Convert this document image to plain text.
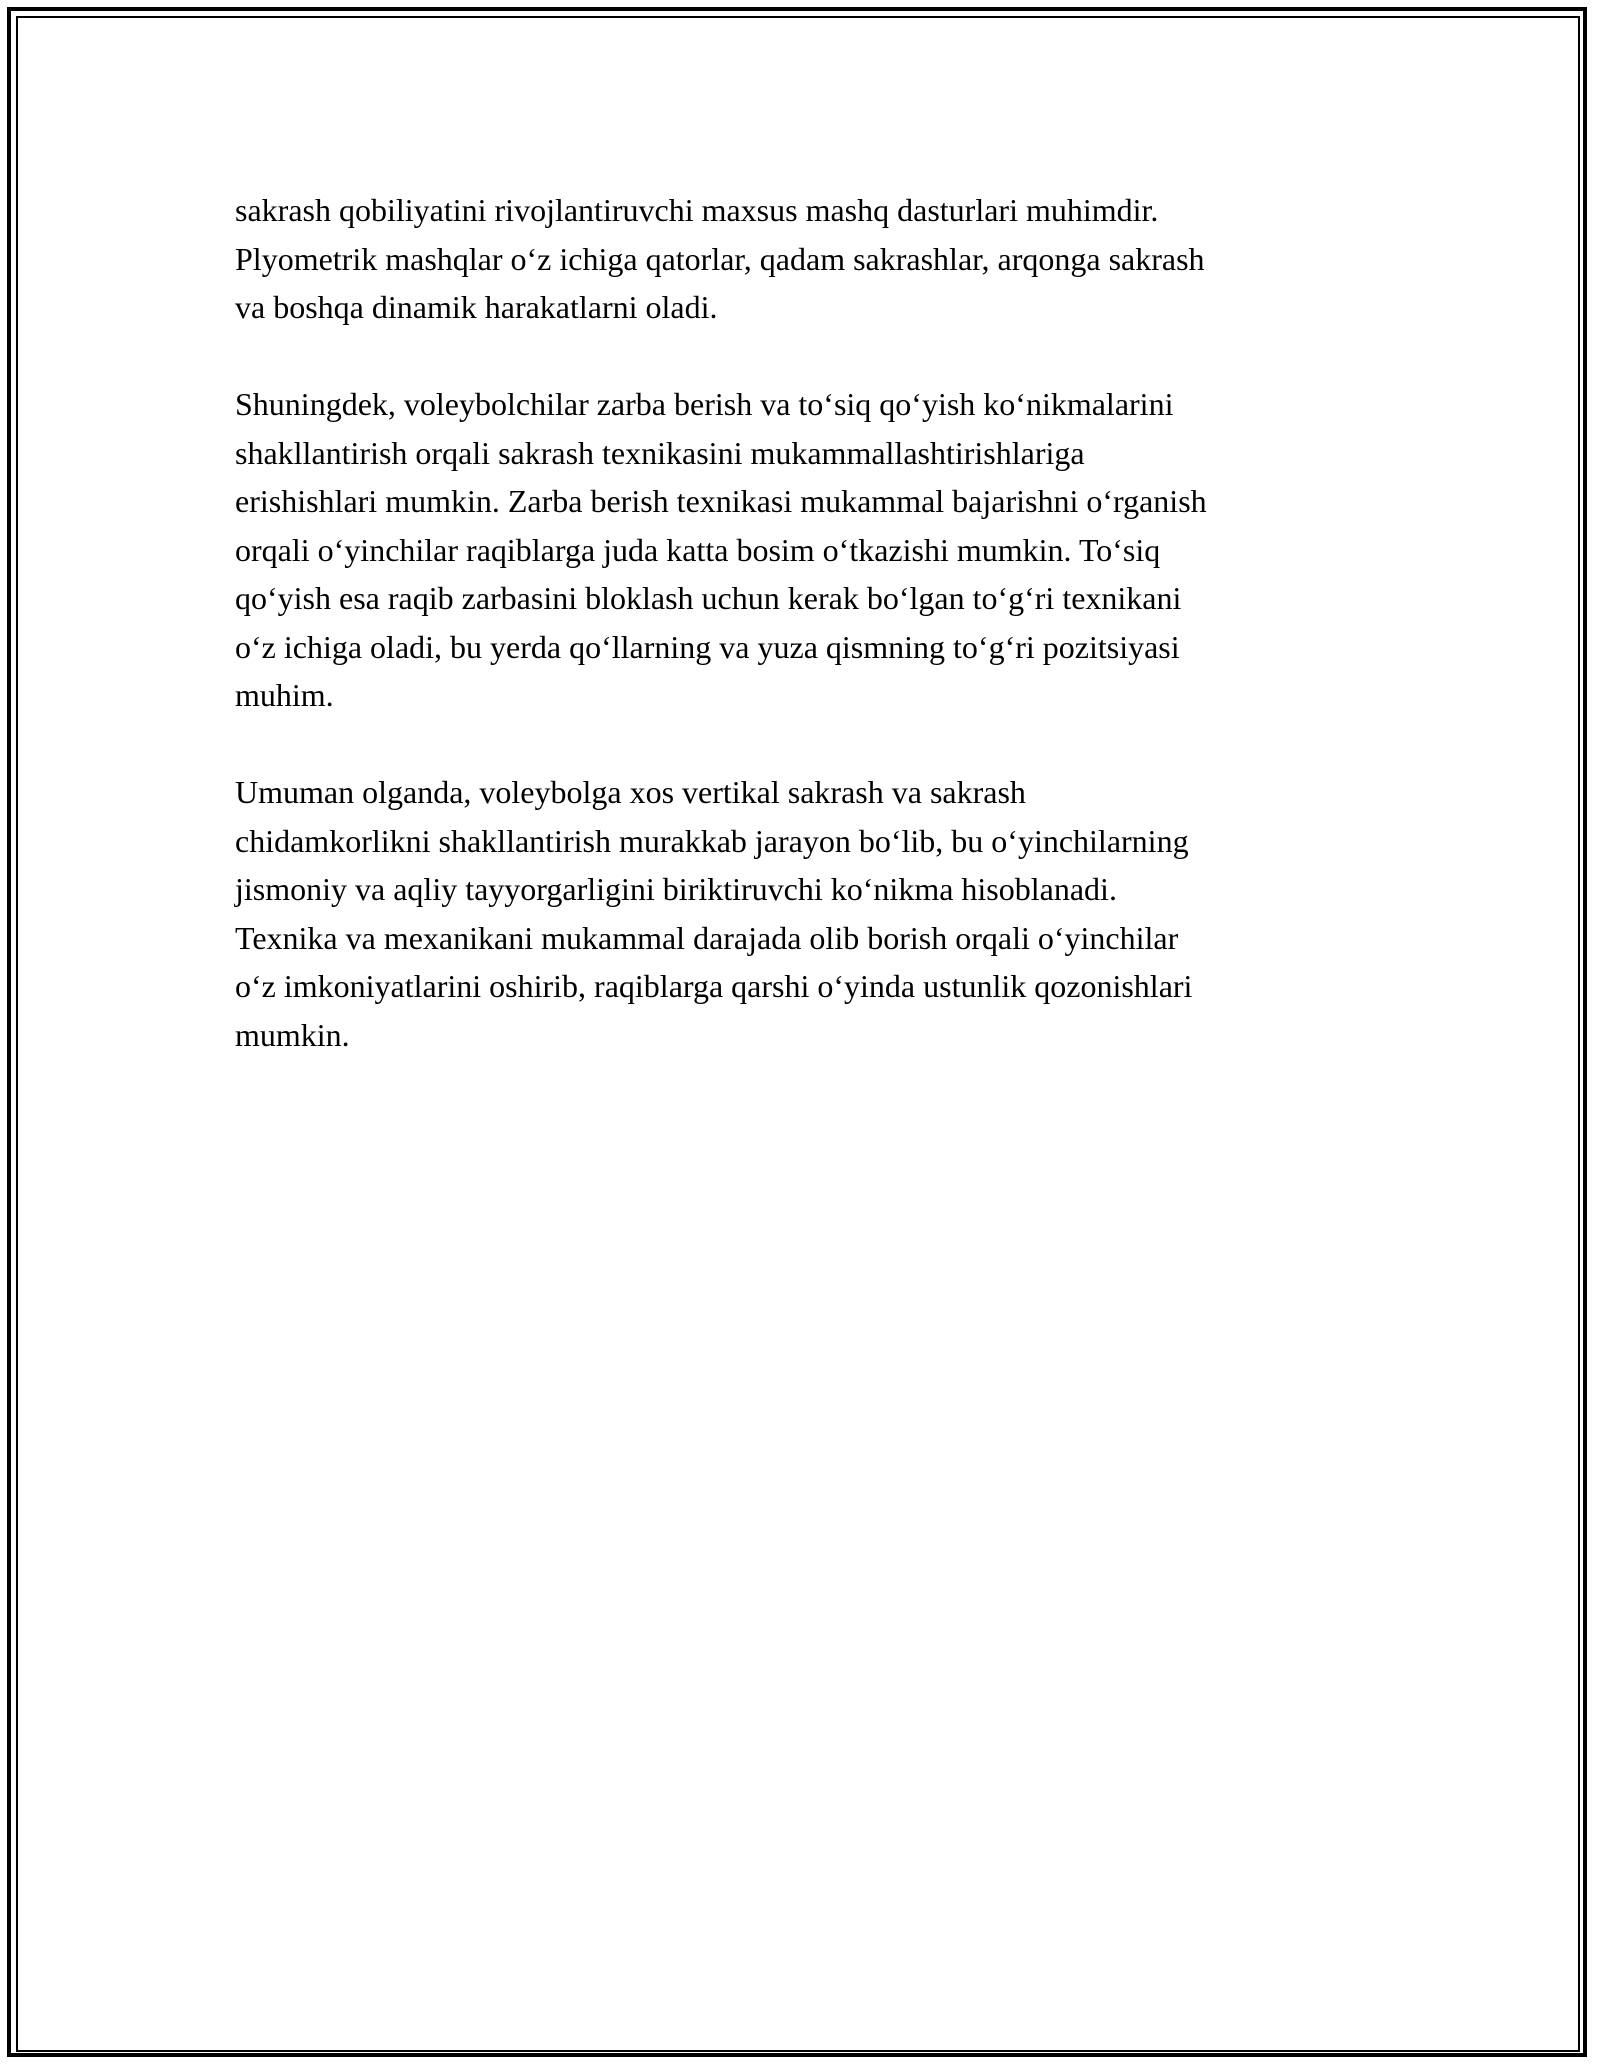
sakrash qobiliyatini rivojlantiruvchi maxsus mashq dasturlari muhimdir.
Plyometrik mashqlar o‘z ichiga qatorlar, qadam sakrashlar, arqonga sakrash
va boshqa dinamik harakatlarni oladi.

Shuningdek, voleybolchilar zarba berish va to‘siq qo‘yish ko‘nikmalarini
shakllantirish orqali sakrash texnikasini mukammallashtirishlariga
erishishlari mumkin. Zarba berish texnikasi mukammal bajarishni o‘rganish
orqali o‘yinchilar raqiblarga juda katta bosim o‘tkazishi mumkin. To‘siq
qo‘yish esa raqib zarbasini bloklash uchun kerak bo‘lgan to‘g‘ri texnikani
o‘z ichiga oladi, bu yerda qo‘llarning va yuza qismning to‘g‘ri pozitsiyasi
muhim.

Umuman olganda, voleybolga xos vertikal sakrash va sakrash
chidamkorlikni shakllantirish murakkab jarayon bo‘lib, bu o‘yinchilarning
jismoniy va aqliy tayyorgarligini biriktiruvchi ko‘nikma hisoblanadi.
Texnika va mexanikani mukammal darajada olib borish orqali o‘yinchilar
o‘z imkoniyatlarini oshirib, raqiblarga qarshi o‘yinda ustunlik qozonishlari
mumkin.
